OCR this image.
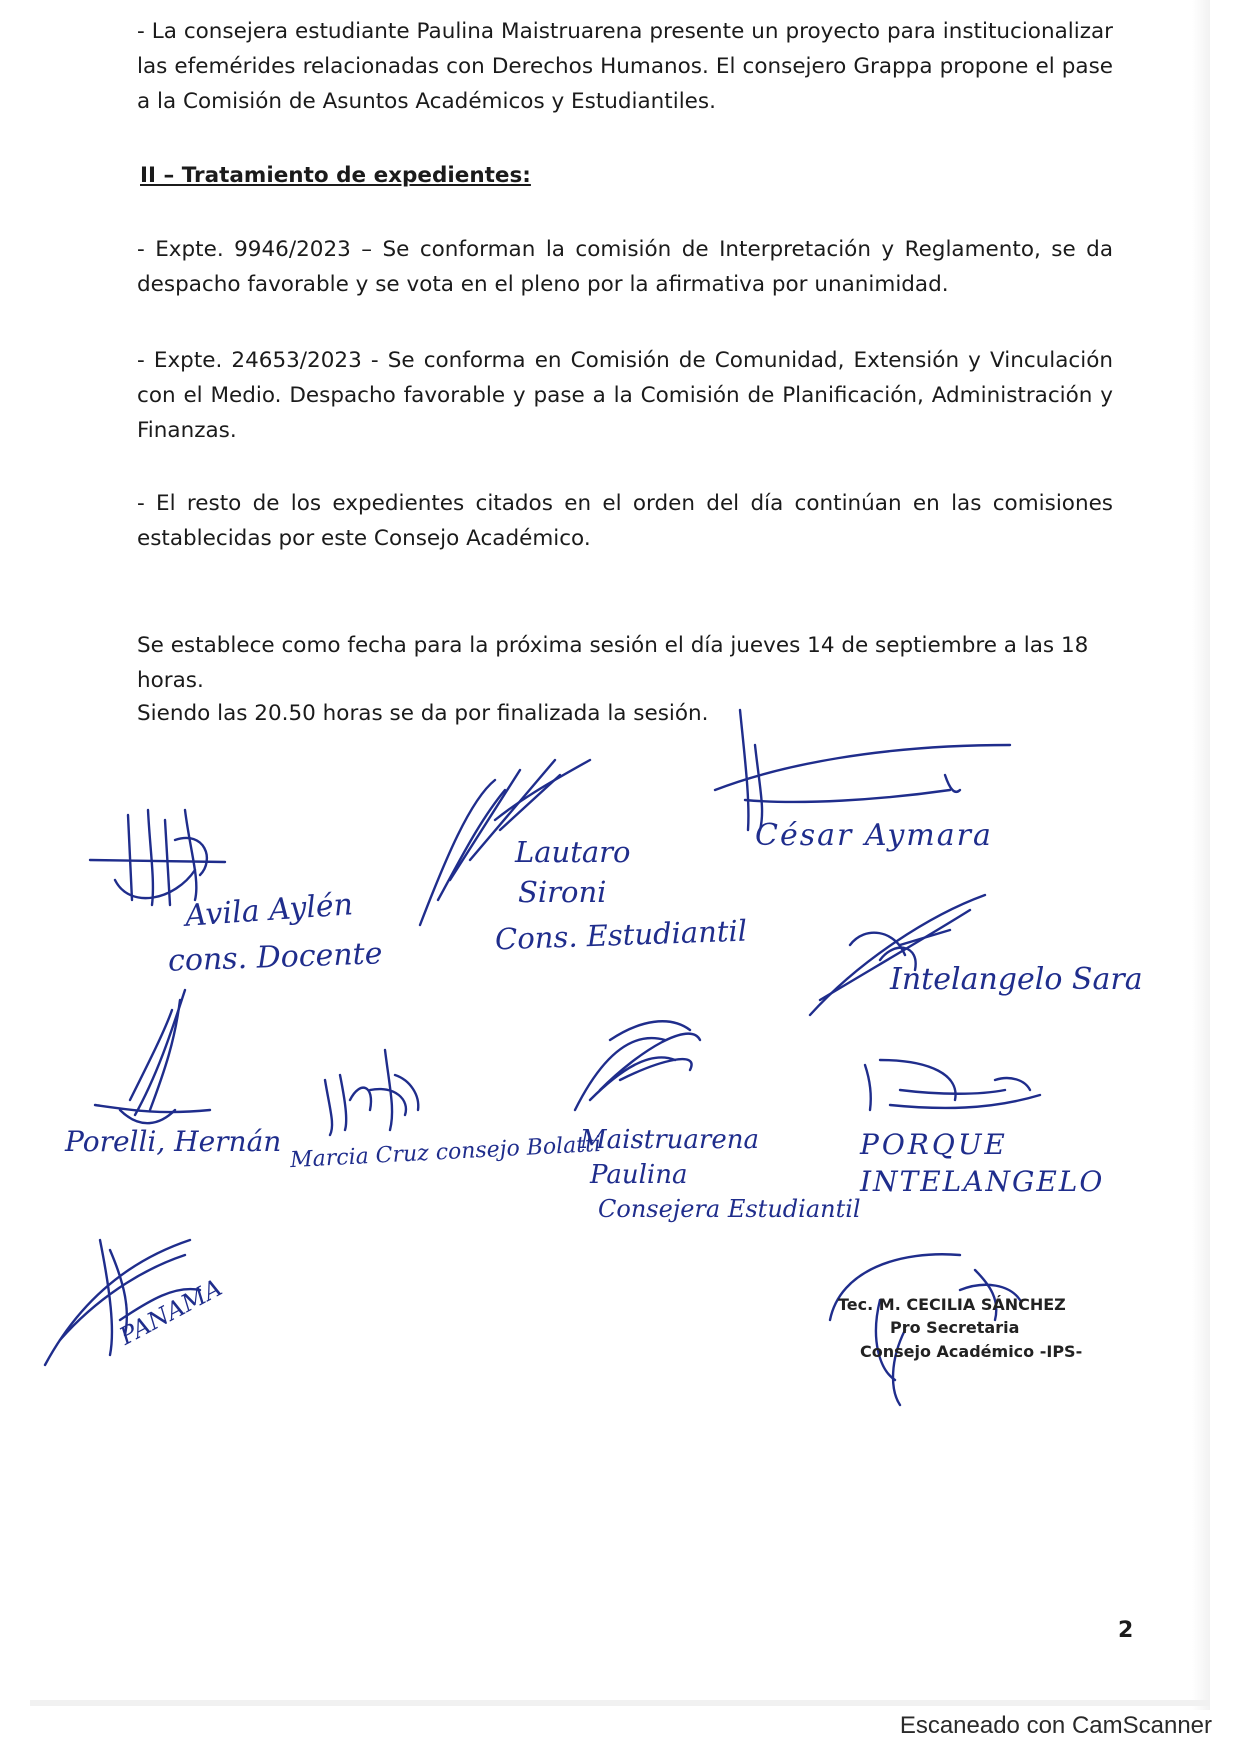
- La consejera estudiante Paulina Maistruarena presente un proyecto para institucionalizar las efemérides relacionadas con Derechos Humanos. El consejero Grappa propone el pase a la Comisión de Asuntos Académicos y Estudiantiles.
II – Tratamiento de expedientes:
- Expte. 9946/2023 – Se conforman la comisión de Interpretación y Reglamento, se da despacho favorable y se vota en el pleno por la afirmativa por unanimidad.
- Expte. 24653/2023 - Se conforma en Comisión de Comunidad, Extensión y Vinculación con el Medio. Despacho favorable y pase a la Comisión de Planificación, Administración y Finanzas.
- El resto de los expedientes citados en el orden del día continúan en las comisiones establecidas por este Consejo Académico.
Se establece como fecha para la próxima sesión el día jueves 14 de septiembre a las 18 horas.
Siendo las 20.50 horas se da por finalizada la sesión.
Avila Aylén
cons. Docente
Lautaro
Sironi
Cons. Estudiantil
César Aymara
Intelangelo Sara
Porelli, Hernán Marcia Cruz consejo Bolatti
Maistruarena
Paulina
Consejera Estudiantil
PORQUE
INTELANGELO
PANAMA	Tec. M. CECILIA SÁNCHEZ
Pro Secretaria
Consejo Académico -IPS-
2
Escaneado con CamScanner
